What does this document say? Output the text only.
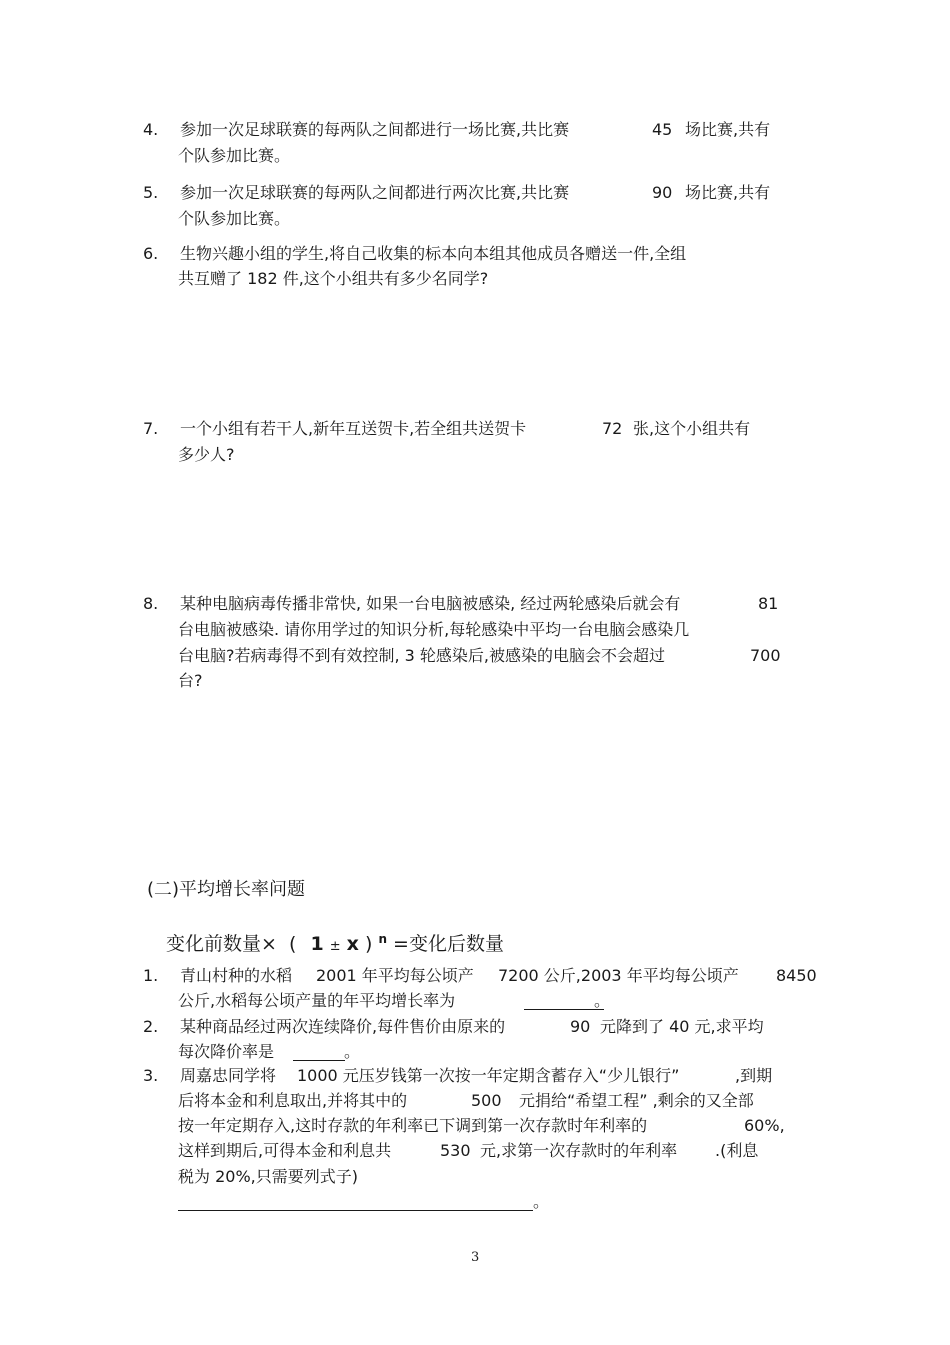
4. 参加一次足球联赛的每两队之间都进行一场比赛,共比赛	45 场比赛,共有
个队参加比赛。
5. 参加一次足球联赛的每两队之间都进行两次比赛,共比赛	90 场比赛,共有
个队参加比赛。
6. 生物兴趣小组的学生,将自己收集的标本向本组其他成员各赠送一件,全组
共互赠了 182 件,这个小组共有多少名同学?
7. 一个小组有若干人,新年互送贺卡,若全组共送贺卡	72 张,这个小组共有
多少人?
8. 某种电脑病毒传播非常快, 如果一台电脑被感染, 经过两轮感染后就会有	81
台电脑被感染. 请你用学过的知识分析,每轮感染中平均一台电脑会感染几
台电脑?若病毒得不到有效控制, 3 轮感染后,被感染的电脑会不会超过	700
台?
(二)平均增长率问题
变化前数量× ( 1 ± x ) $^n$ =变化后数量
1. 青山村种的水稻 2001 年平均每公顷产 7200 公斤,2003 年平均每公顷产 8450
公斤,水稻每公顷产量的年平均增长率为	。
2. 某种商品经过两次连续降价,每件售价由原来的	90 元降到了 40 元,求平均
每次降价率是	。
3. 周嘉忠同学将 1000 元压岁钱第一次按一年定期含蓄存入“少儿银行”	,到期
后将本金和利息取出,并将其中的	500 元捐给“希望工程” ,剩余的又全部
按一年定期存入,这时存款的年利率已下调到第一次存款时年利率的	60%,
这样到期后,可得本金和利息共	530 元,求第一次存款时的年利率 .(利息
税为 20%,只需要列式子)
。
3
